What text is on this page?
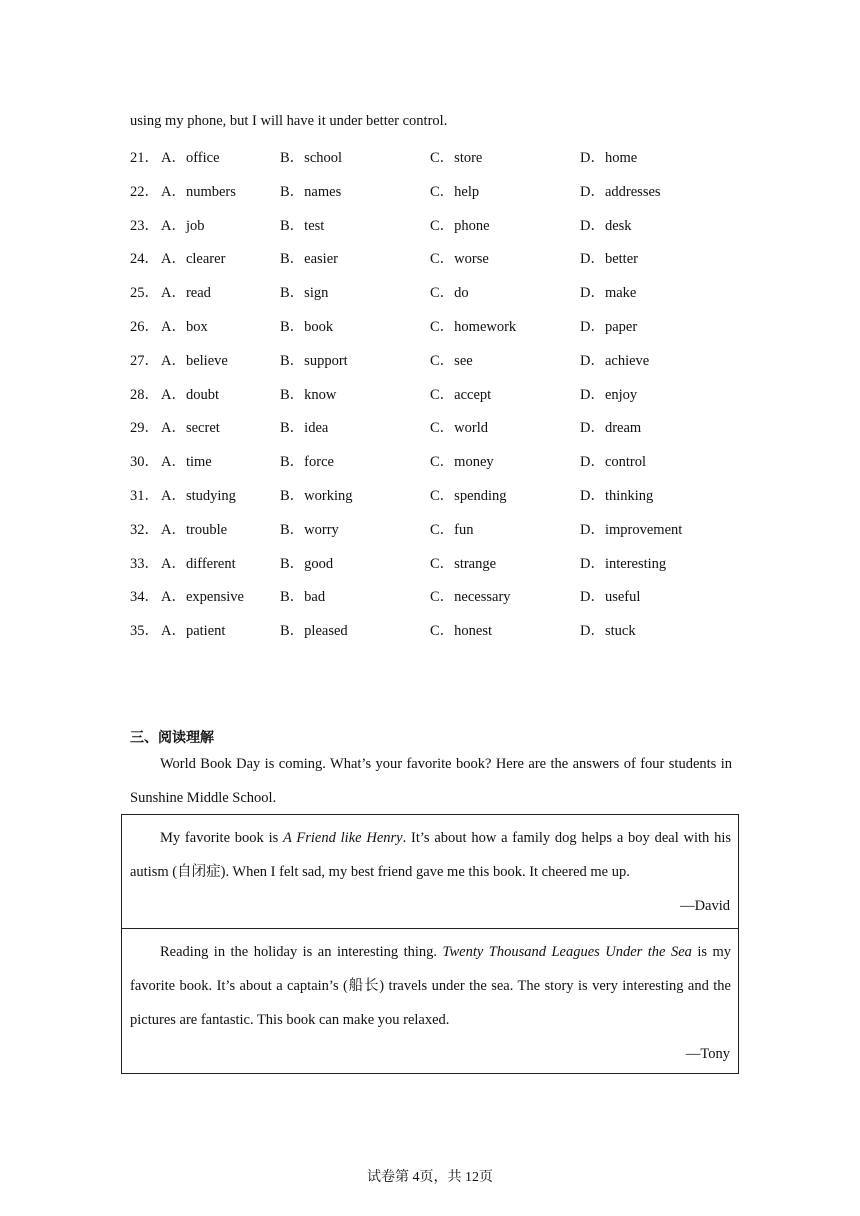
using my phone, but I will have it under better control.
21． A．office	B．school	C．store	D．home
22． A．numbers	B．names	C．help	D．addresses
23． A．job	B．test	C．phone	D．desk
24． A．clearer	B．easier	C．worse	D．better
25． A．read	B．sign	C．do	D．make
26． A．box	B．book	C．homework	D．paper
27． A．believe	B．support	C．see	D．achieve
28． A．doubt	B．know	C．accept	D．enjoy
29． A．secret	B．idea	C．world	D．dream
30． A．time	B．force	C．money	D．control
31． A．studying	B．working	C．spending	D．thinking
32． A．trouble	B．worry	C．fun	D．improvement
33． A．different	B．good	C．strange	D．interesting
34． A．expensive B．bad	C．necessary	D．useful
35． A．patient	B．pleased	C．honest	D．stuck
三、阅读理解
World Book Day is coming. What’s your favorite book? Here are the answers of four students in Sunshine Middle School.
My favorite book is A Friend like Henry. It’s about how a family dog helps a boy deal with his autism (自闭症). When I felt sad, my best friend gave me this book. It cheered me up.
—David
Reading in the holiday is an interesting thing. Twenty Thousand Leagues Under the Sea is my favorite book. It’s about a captain’s (船长) travels under the sea. The story is very interesting and the pictures are fantastic. This book can make you relaxed.
—Tony
试卷第 4页，共 12页
